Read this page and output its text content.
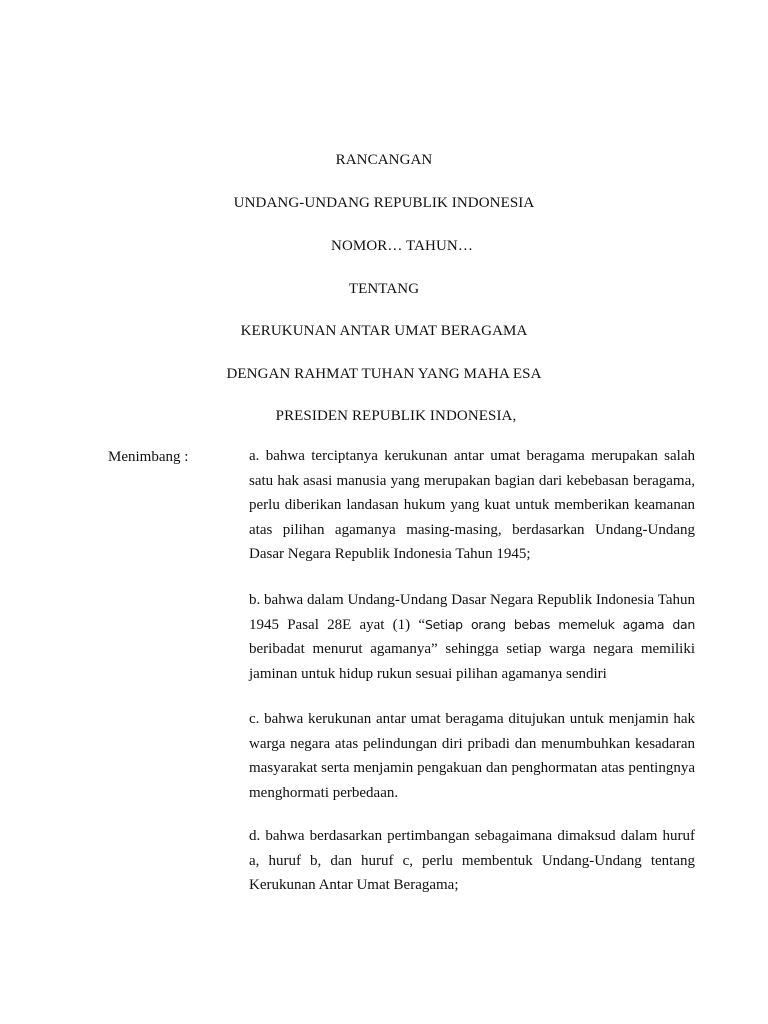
RANCANGAN
UNDANG-UNDANG REPUBLIK INDONESIA
NOMOR… TAHUN…
TENTANG
KERUKUNAN ANTAR UMAT BERAGAMA
DENGAN RAHMAT TUHAN YANG MAHA ESA
PRESIDEN REPUBLIK INDONESIA,
Menimbang :	a. bahwa terciptanya kerukunan antar umat beragama merupakan salah satu hak asasi manusia yang merupakan bagian dari kebebasan beragama, perlu diberikan landasan hukum yang kuat untuk memberikan keamanan atas pilihan agamanya masing-masing, berdasarkan Undang-Undang Dasar Negara Republik Indonesia Tahun 1945;
b. bahwa dalam Undang-Undang Dasar Negara Republik Indonesia Tahun 1945 Pasal 28E ayat (1) “Setiap orang bebas memeluk agama dan beribadat menurut agamanya” sehingga setiap warga negara memiliki jaminan untuk hidup rukun sesuai pilihan agamanya sendiri
c. bahwa kerukunan antar umat beragama ditujukan untuk menjamin hak warga negara atas pelindungan diri pribadi dan menumbuhkan kesadaran masyarakat serta menjamin pengakuan dan penghormatan atas pentingnya menghormati perbedaan.
d. bahwa berdasarkan pertimbangan sebagaimana dimaksud dalam huruf a, huruf b, dan huruf c, perlu membentuk Undang-Undang tentang Kerukunan Antar Umat Beragama;
